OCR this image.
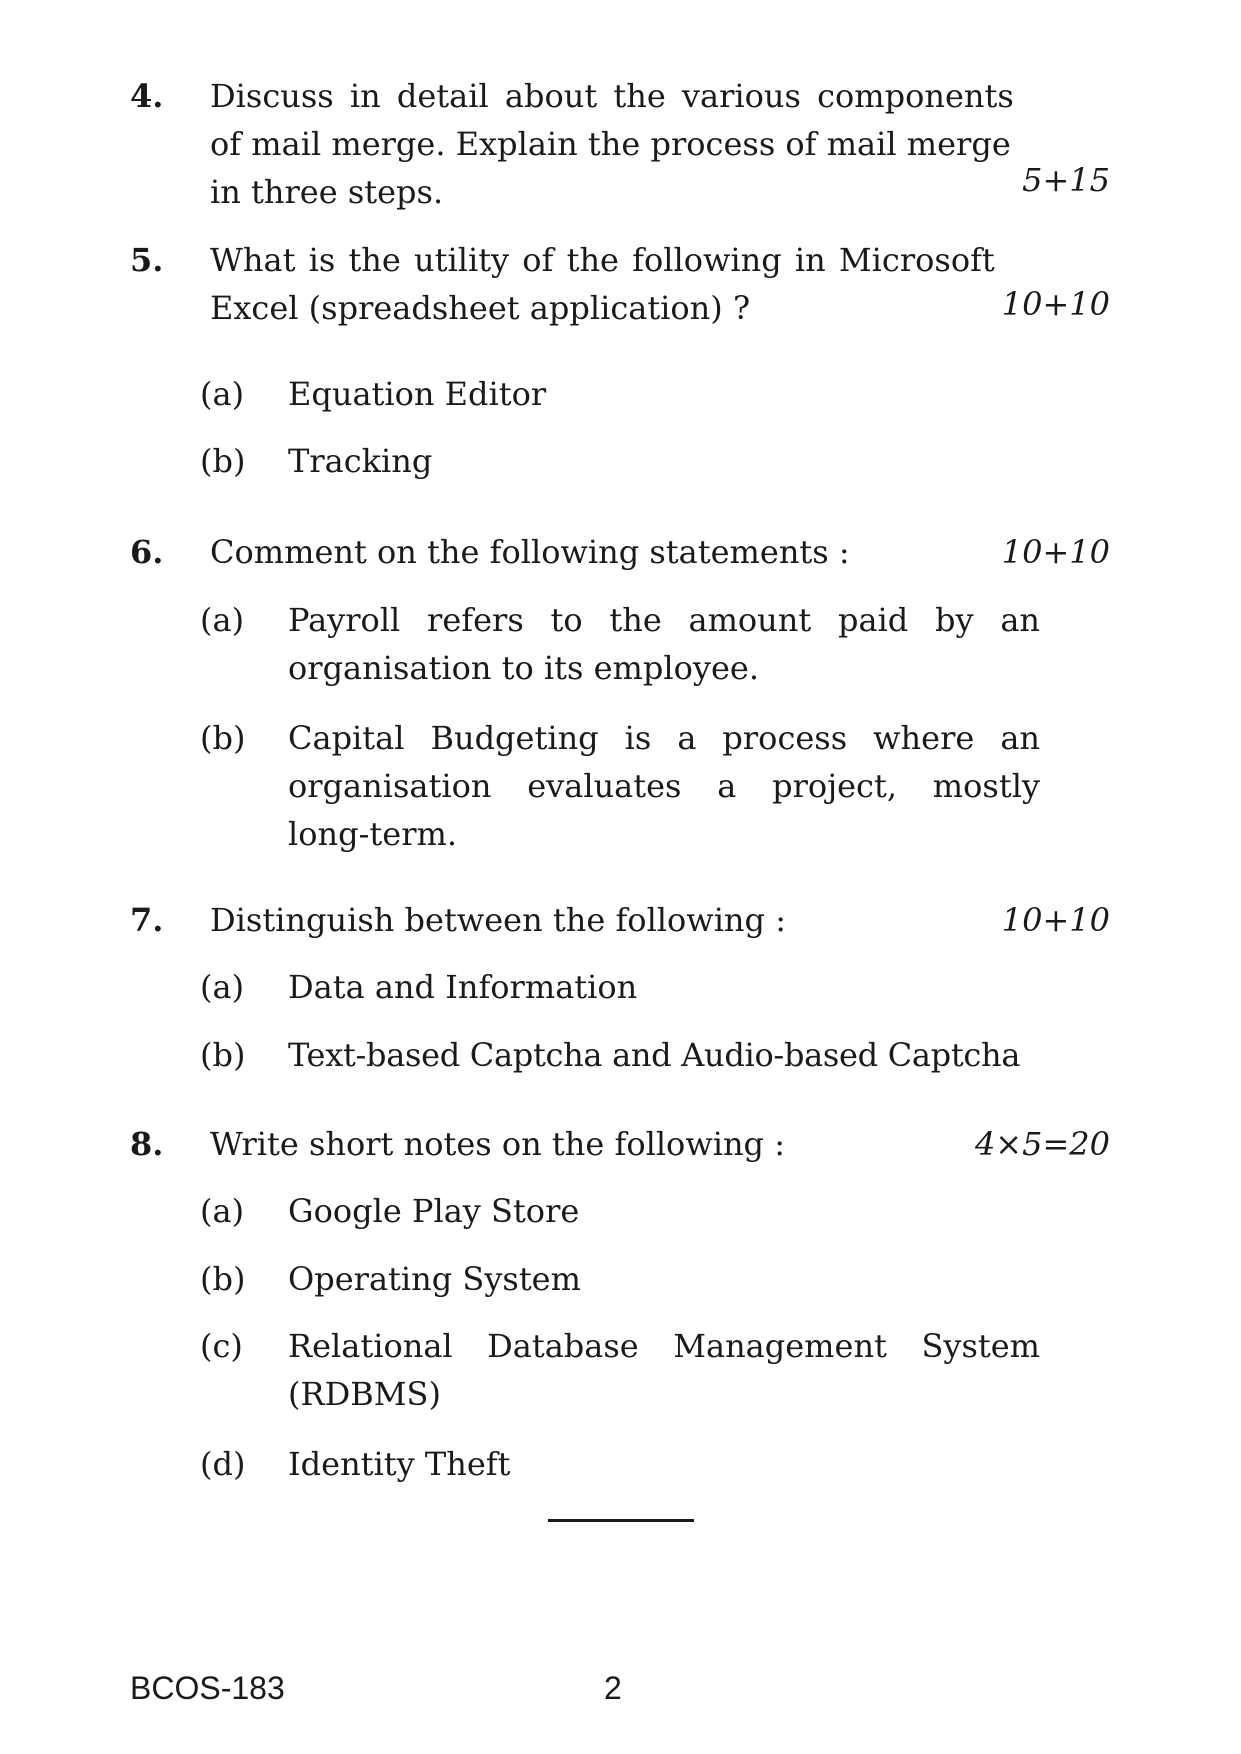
4. Discuss in detail about the various components
of mail merge. Explain the process of mail merge
in three steps.	5+15
5. What is the utility of the following in Microsoft
Excel (spreadsheet application) ?	10+10
(a) Equation Editor
(b) Tracking
6. Comment on the following statements :	10+10
(a) Payroll refers to the amount paid by an
organisation to its employee.
(b) Capital Budgeting is a process where an
organisation evaluates a project, mostly
long-term.
7. Distinguish between the following :	10+10
(a) Data and Information
(b) Text-based Captcha and Audio-based Captcha
8. Write short notes on the following :	4×5=20
(a) Google Play Store
(b) Operating System
(c) Relational Database Management System
(RDBMS)
(d) Identity Theft
BCOS-183	2
